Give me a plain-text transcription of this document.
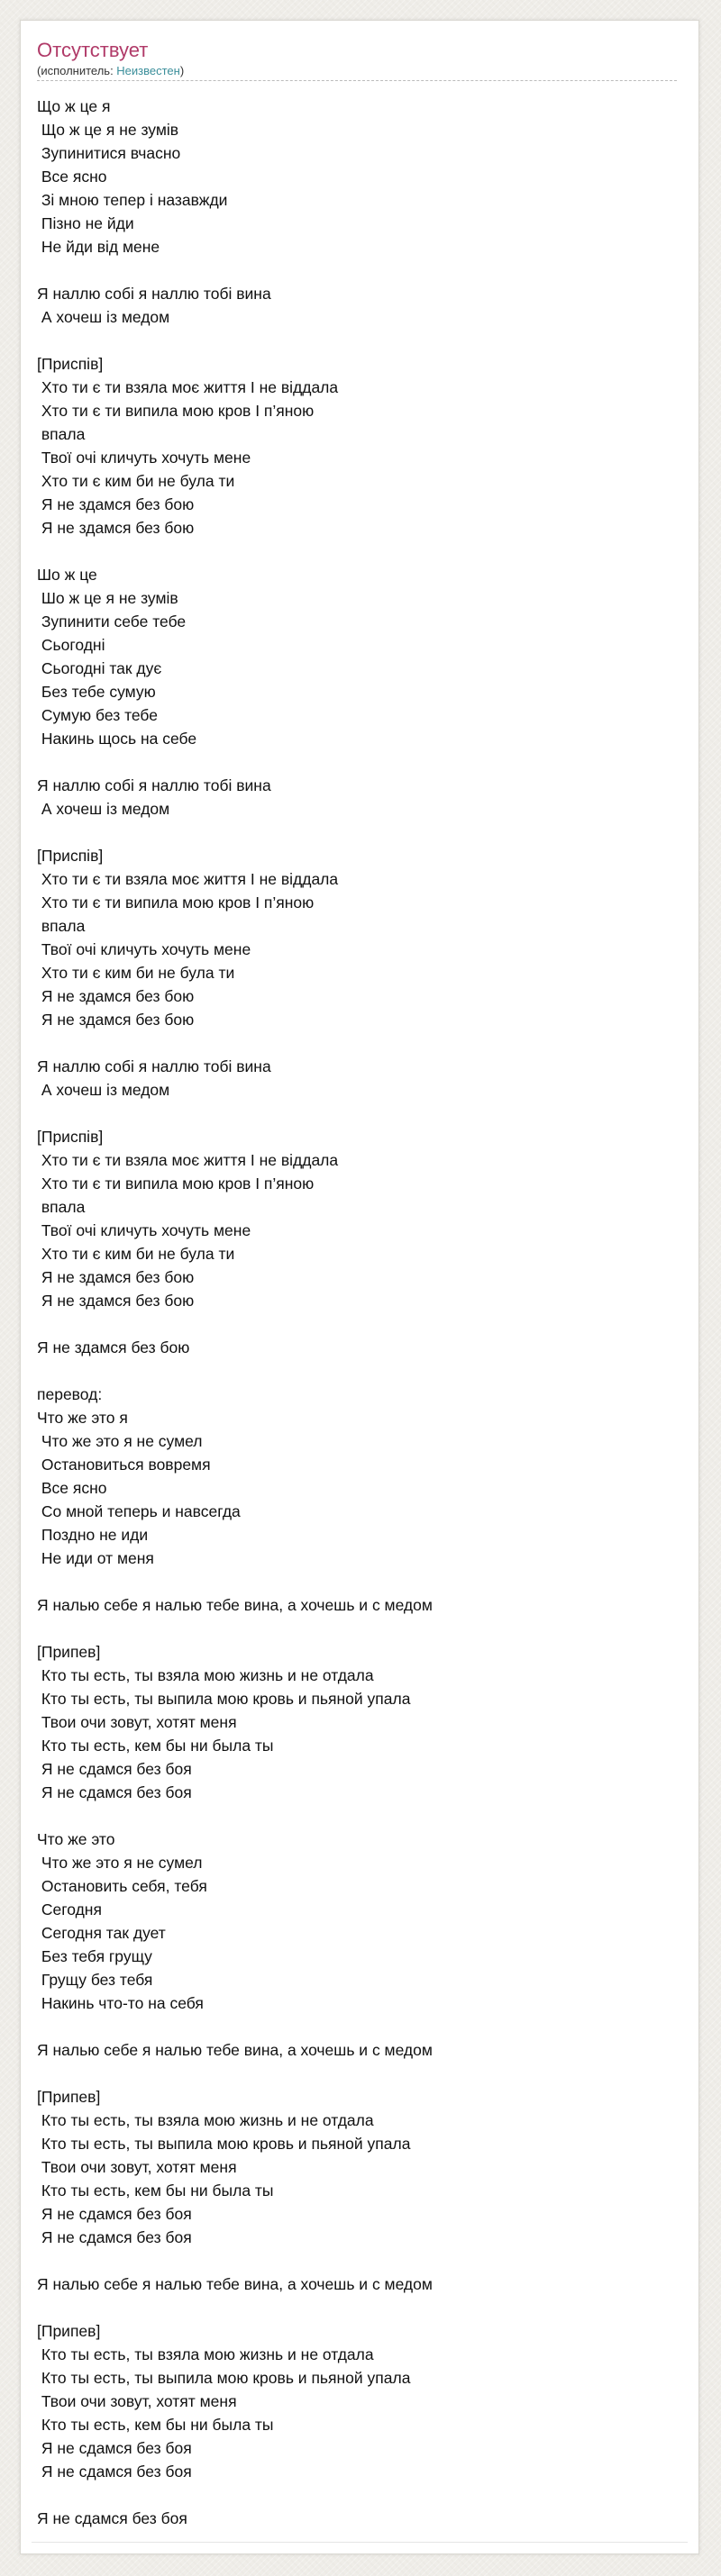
Отсутствует
(исполнитель: Неизвестен)
Що ж це я
Що ж це я не зумів
Зупинитися вчасно
Все ясно
Зі мною тепер і назавжди
Пізно не йди
Не йди від мене
Я наллю собі я наллю тобі вина
А хочеш із медом
[Приспів]
Хто ти є ти взяла моє життя І не віддала
Хто ти є ти випила мою кров І п’яною
впала
Твої очі кличуть хочуть мене
Хто ти є ким би не була ти
Я не здамся без бою
Я не здамся без бою
Шо ж це
Шо ж це я не зумів
Зупинити себе тебе
Сьогодні
Сьогодні так дує
Без тебе сумую
Сумую без тебе
Накинь щось на себе
Я наллю собі я наллю тобі вина
А хочеш із медом
[Приспів]
Хто ти є ти взяла моє життя І не віддала
Хто ти є ти випила мою кров І п’яною
впала
Твої очі кличуть хочуть мене
Хто ти є ким би не була ти
Я не здамся без бою
Я не здамся без бою
Я наллю собі я наллю тобі вина
А хочеш із медом
[Приспів]
Хто ти є ти взяла моє життя І не віддала
Хто ти є ти випила мою кров І п’яною
впала
Твої очі кличуть хочуть мене
Хто ти є ким би не була ти
Я не здамся без бою
Я не здамся без бою
Я не здамся без бою
перевод:
Что же это я
Что же это я не сумел
Остановиться вовремя
Все ясно
Со мной теперь и навсегда
Поздно не иди
Не иди от меня
Я налью себе я налью тебе вина, а хочешь и с медом
[Припев]
Кто ты есть, ты взяла мою жизнь и не отдала
Кто ты есть, ты выпила мою кровь и пьяной упала
Твои очи зовут, хотят меня
Кто ты есть, кем бы ни была ты
Я не сдамся без боя
Я не сдамся без боя
Что же это
Что же это я не сумел
Остановить себя, тебя
Сегодня
Сегодня так дует
Без тебя грущу
Грущу без тебя
Накинь что-то на себя
Я налью себе я налью тебе вина, а хочешь и с медом
[Припев]
Кто ты есть, ты взяла мою жизнь и не отдала
Кто ты есть, ты выпила мою кровь и пьяной упала
Твои очи зовут, хотят меня
Кто ты есть, кем бы ни была ты
Я не сдамся без боя
Я не сдамся без боя
Я налью себе я налью тебе вина, а хочешь и с медом
[Припев]
Кто ты есть, ты взяла мою жизнь и не отдала
Кто ты есть, ты выпила мою кровь и пьяной упала
Твои очи зовут, хотят меня
Кто ты есть, кем бы ни была ты
Я не сдамся без боя
Я не сдамся без боя
Я не сдамся без боя
